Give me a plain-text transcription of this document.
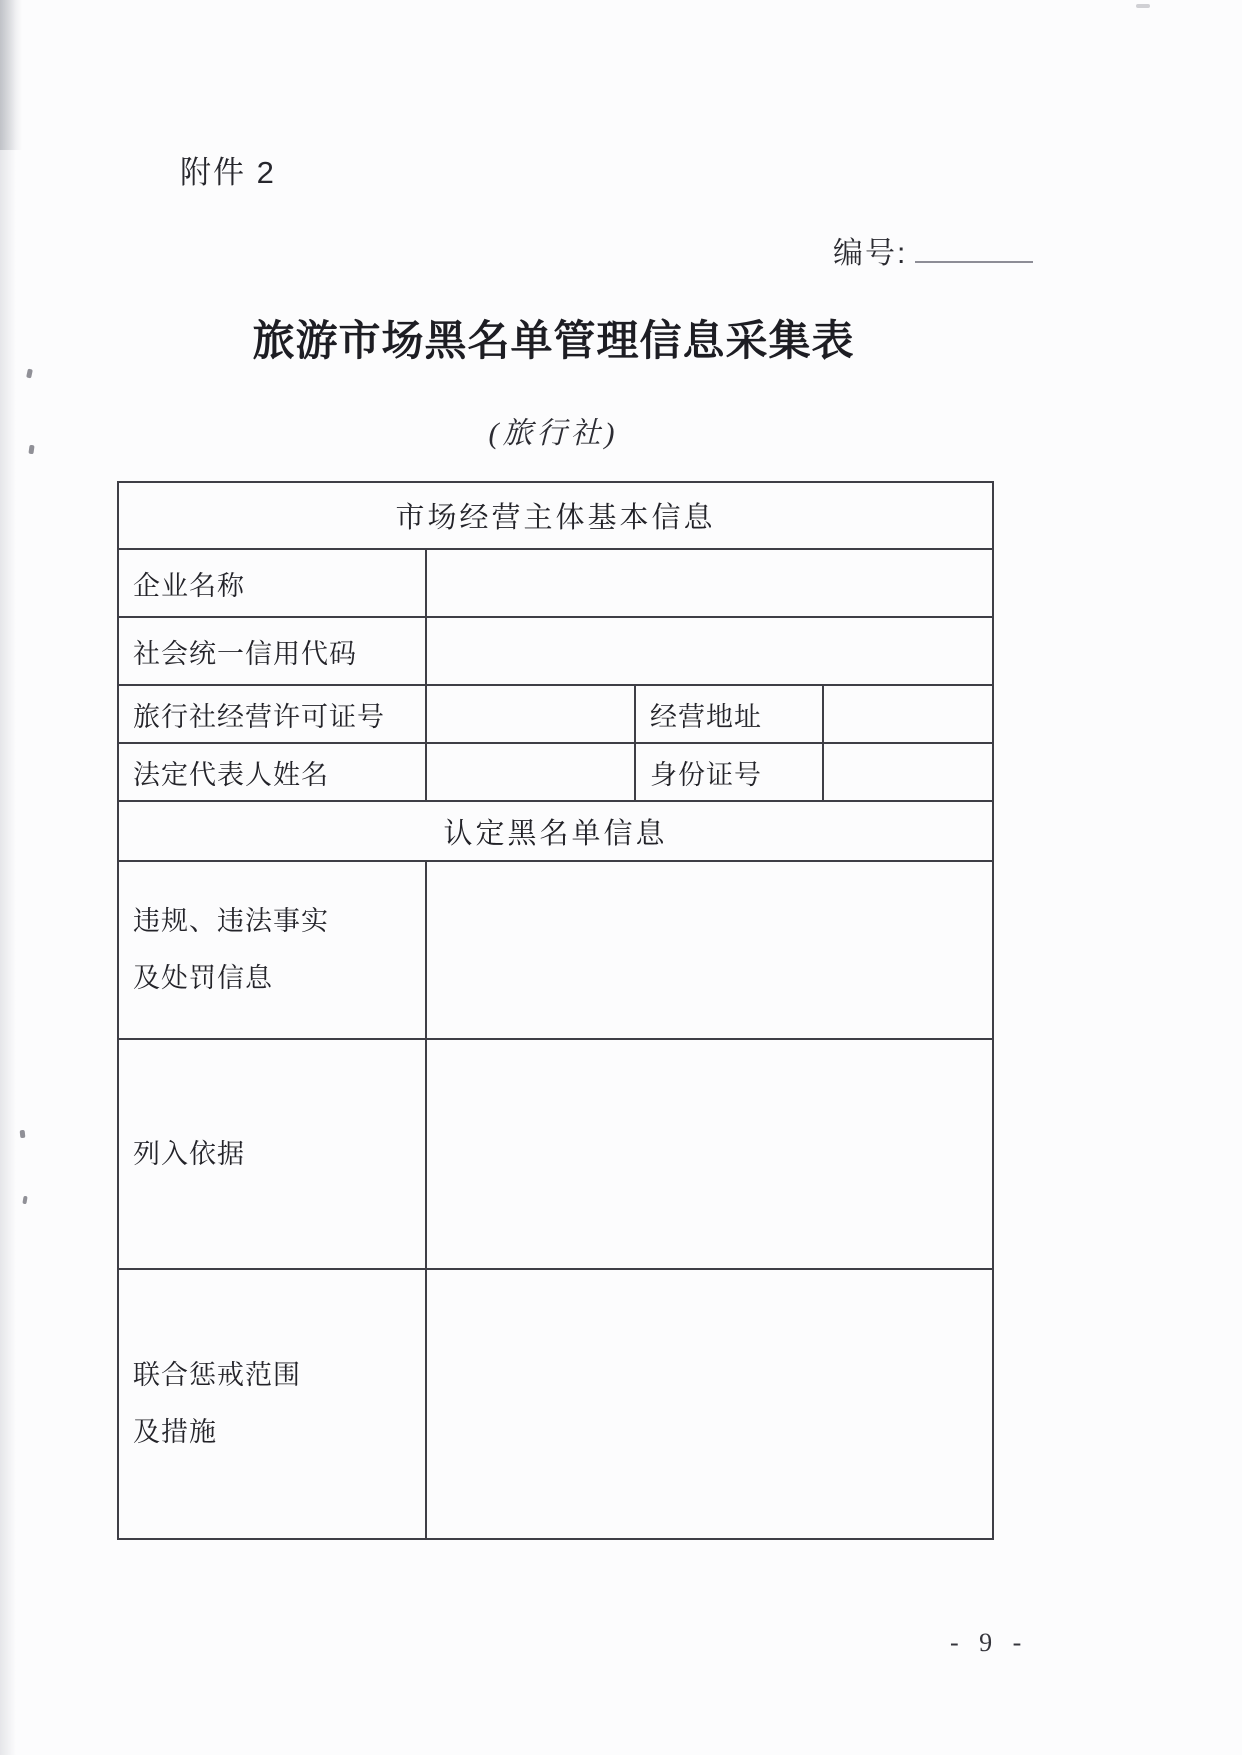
附件 2
编号:
旅游市场黑名单管理信息采集表
(旅行社)
市场经营主体基本信息
企业名称
社会统一信用代码
旅行社经营许可证号	经营地址
法定代表人姓名	身份证号
认定黑名单信息
违规、违法事实
及处罚信息
列入依据
联合惩戒范围
及措施
- 9 -
